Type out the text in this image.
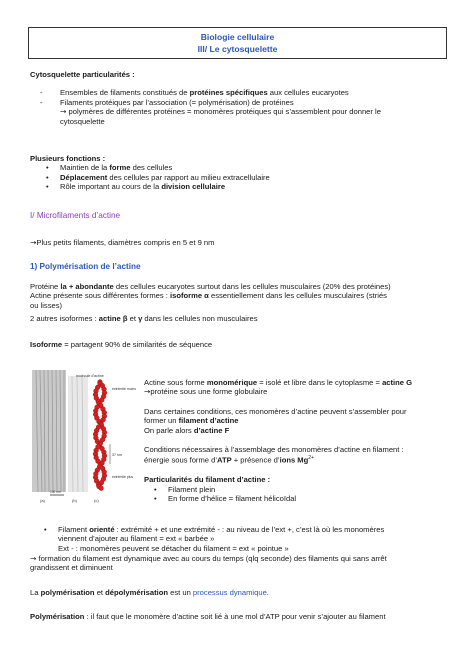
Biologie cellulaire
III/ Le cytosquelette
Cytosquelette particularités :
- Ensembles de filaments constitués de protéines spécifiques aux cellules eucaryotes
- Filaments protéiques par l’association (= polymérisation) de protéines
→ polymères de différentes protéines = monomères protéiques qui s’assemblent pour donner le
cytosquelette
Plusieurs fonctions :
• Maintien de la forme des cellules
• Déplacement des cellules par rapport au milieu extracellulaire
• Rôle important au cours de la division cellulaire
I/ Microfilaments d’actine
→Plus petits filaments, diamètres compris en 5 et 9 nm
1) Polymérisation de l’actine
Protéine la + abondante des cellules eucaryotes surtout dans les cellules musculaires (20% des protéines)
Actine présente sous différentes formes : isoforme α essentiellement dans les cellules musculaires (striés
ou lisses)
2 autres isoformes : actine β et γ dans les cellules non musculaires
Isoforme = partagent 90% de similarités de séquence
molécule d’actine
extrémité moins
37 nm
extrémité plus
(a)	(b)	(c)
100 nm
Actine sous forme monomérique = isolé et libre dans le cytoplasme = actine G
→protéine sous une forme globulaire
Dans certaines conditions, ces monomères d’actine peuvent s’assembler pour
former un filament d’actine
On parle alors d’actine F
Conditions nécessaires à l’assemblage des monomères d’actine en filament :
énergie sous forme d’ATP + présence d’ions $Mg^{2+}$
Particularités du filament d’actine :
• Filament plein
• En forme d’hélice = filament hélicoïdal
• Filament orienté : extrémité + et une extrémité - : au niveau de l’ext +, c’est là où les monomères
viennent d’ajouter au filament = ext « barbée »
Ext - : monomères peuvent se détacher du filament = ext « pointue »
→ formation du filament est dynamique avec au cours du temps (qlq seconde) des filaments qui sans arrêt
grandissent et diminuent
La polymérisation et dépolymérisation est un processus dynamique.
Polymérisation : il faut que le monomère d’actine soit lié à une mol d’ATP pour venir s’ajouter au filament
